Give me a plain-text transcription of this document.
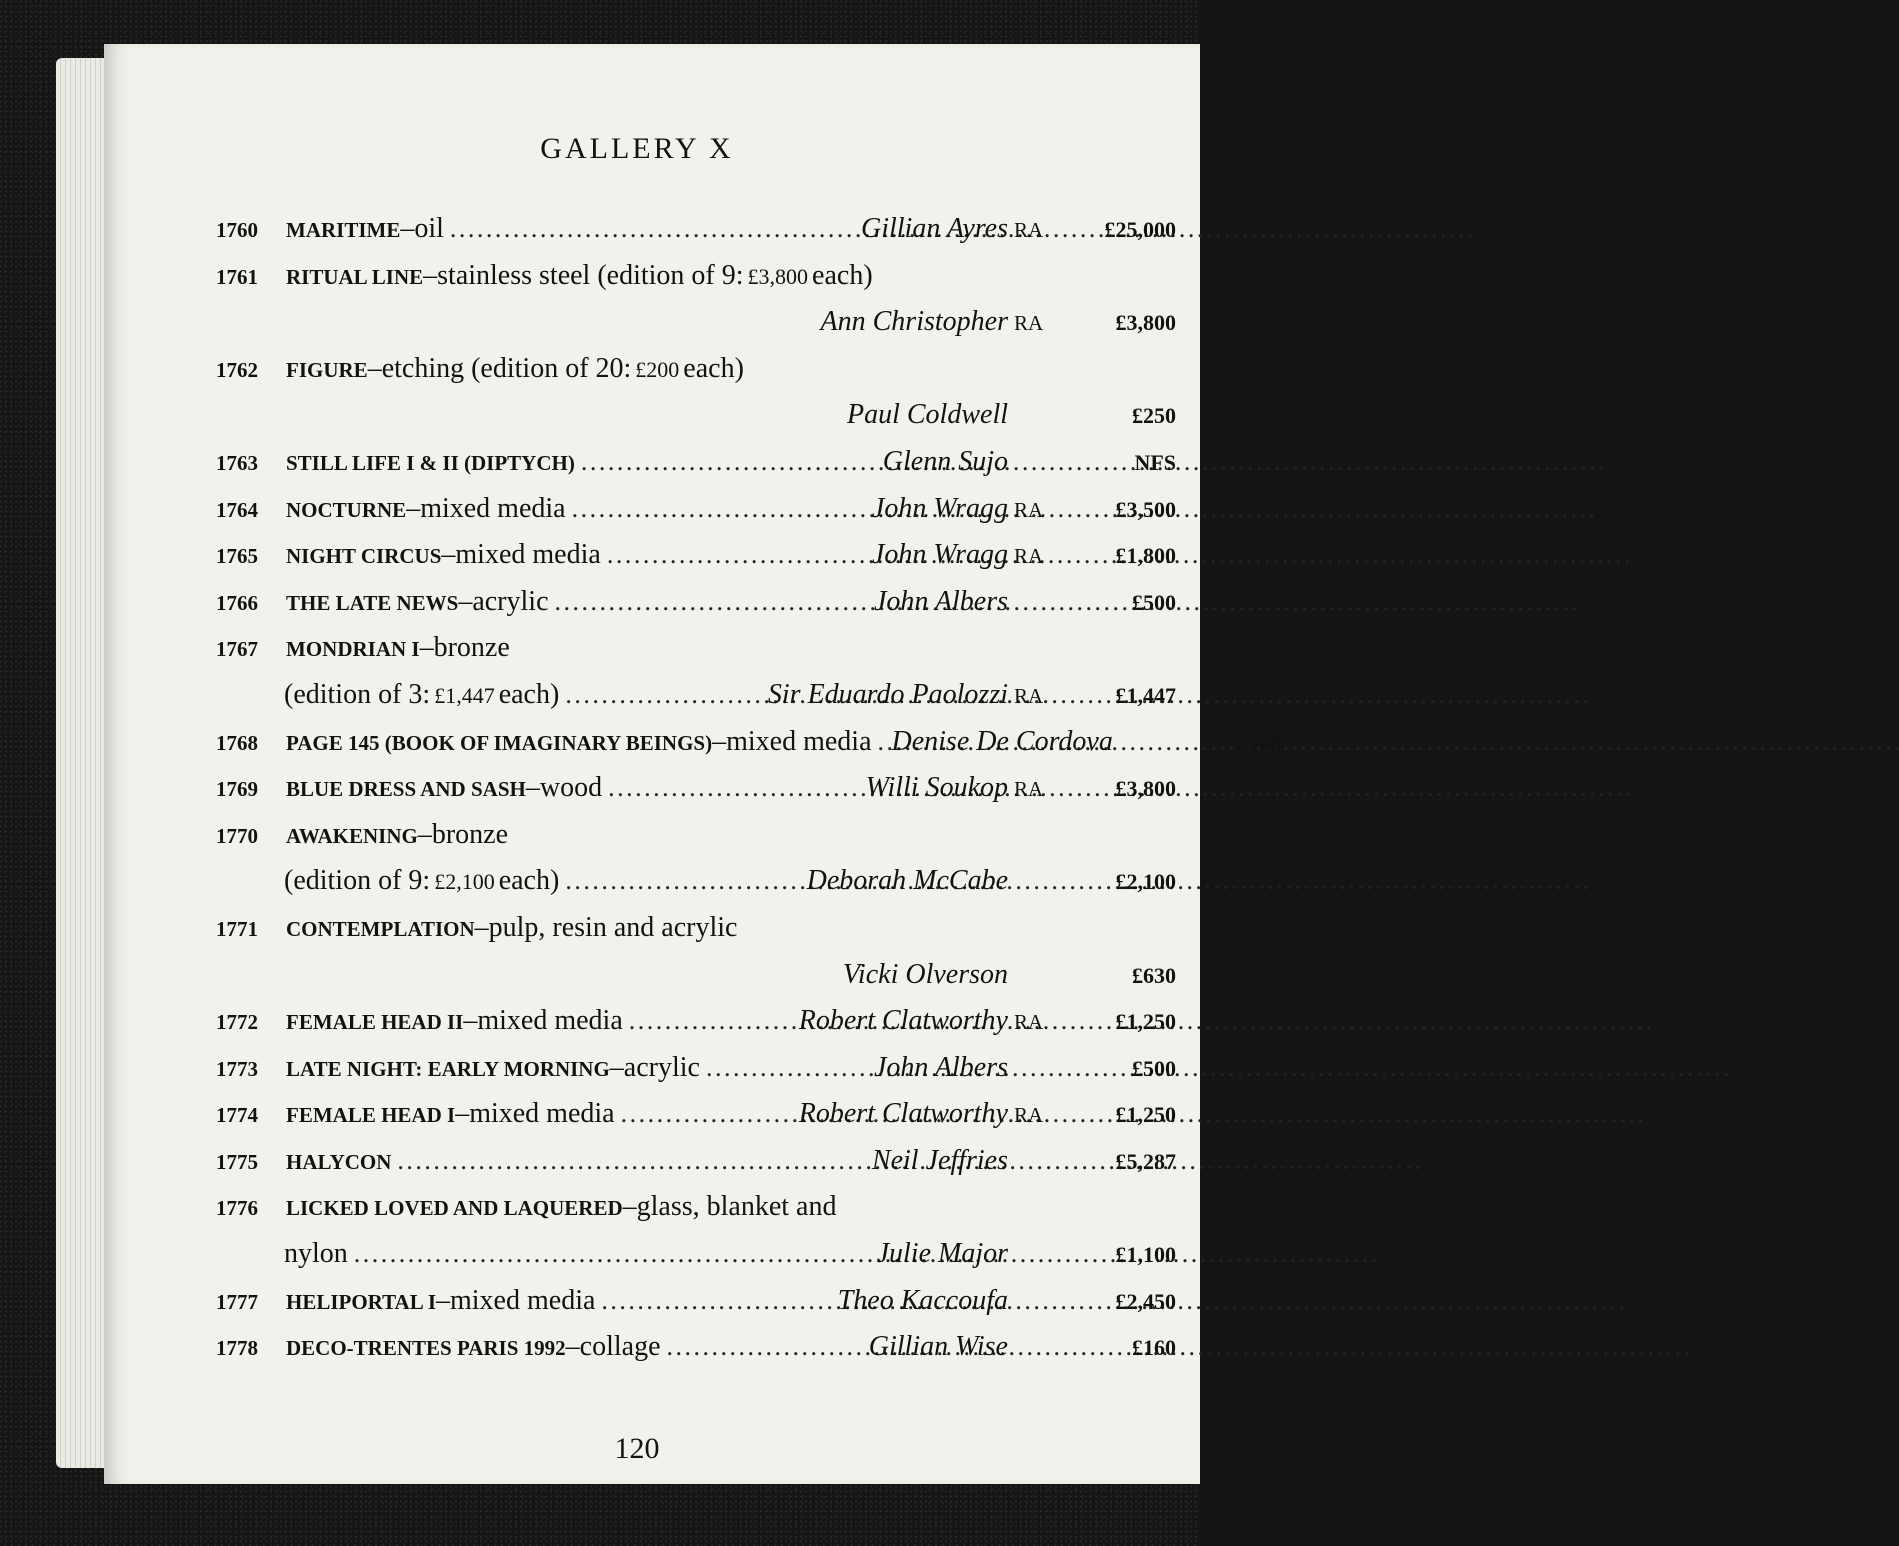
GALLERY X
1760	MARITIME –oil . . .	Gillian Ayres RA	£25,000
1761	RITUAL LINE –stainless steel (edition of 9:
£3,800
each)
Ann Christopher RA	£3,800
1762	FIGURE –etching (edition of 20:
£200
each)
Paul Coldwell	£250
1763	STILL LIFE I & II (DIPTYCH) . . .	Glenn Sujo	NFS
1764	NOCTURNE –mixed media . . .	John Wragg RA	£3,500
1765	NIGHT CIRCUS –mixed media . . .	John Wragg RA	£1,800
1766	THE LATE NEWS –acrylic . . .	John Albers	£500
1767	MONDRIAN I –bronze
(edition of 3:
£1,447
each) . . .	Sir Eduardo Paolozzi RA	£1,447
1768	PAGE 145 (BOOK OF IMAGINARY BEINGS) –mixed media . . . Denise De Cordova	£588
1769	BLUE DRESS AND SASH –wood . . .	Willi Soukop RA	£3,800
1770	AWAKENING –bronze
(edition of 9:
£2,100
each) . . .	Deborah McCabe	£2,100
1771	CONTEMPLATION –pulp, resin and acrylic
Vicki Olverson	£630
1772	FEMALE HEAD II –mixed media . . .	Robert Clatworthy RA	£1,250
1773	LATE NIGHT: EARLY MORNING –acrylic . . .	John Albers	£500
1774	FEMALE HEAD I –mixed media . . .	Robert Clatworthy RA	£1,250
1775	HALYCON . . .	Neil Jeffries	£5,287
1776	LICKED LOVED AND LAQUERED –glass, blanket and
nylon . . .	Julie Major	£1,100
1777	HELIPORTAL I –mixed media . . .	Theo Kaccoufa	£2,450
1778	DECO-TRENTES PARIS 1992 –collage . . .	Gillian Wise	£160
120
